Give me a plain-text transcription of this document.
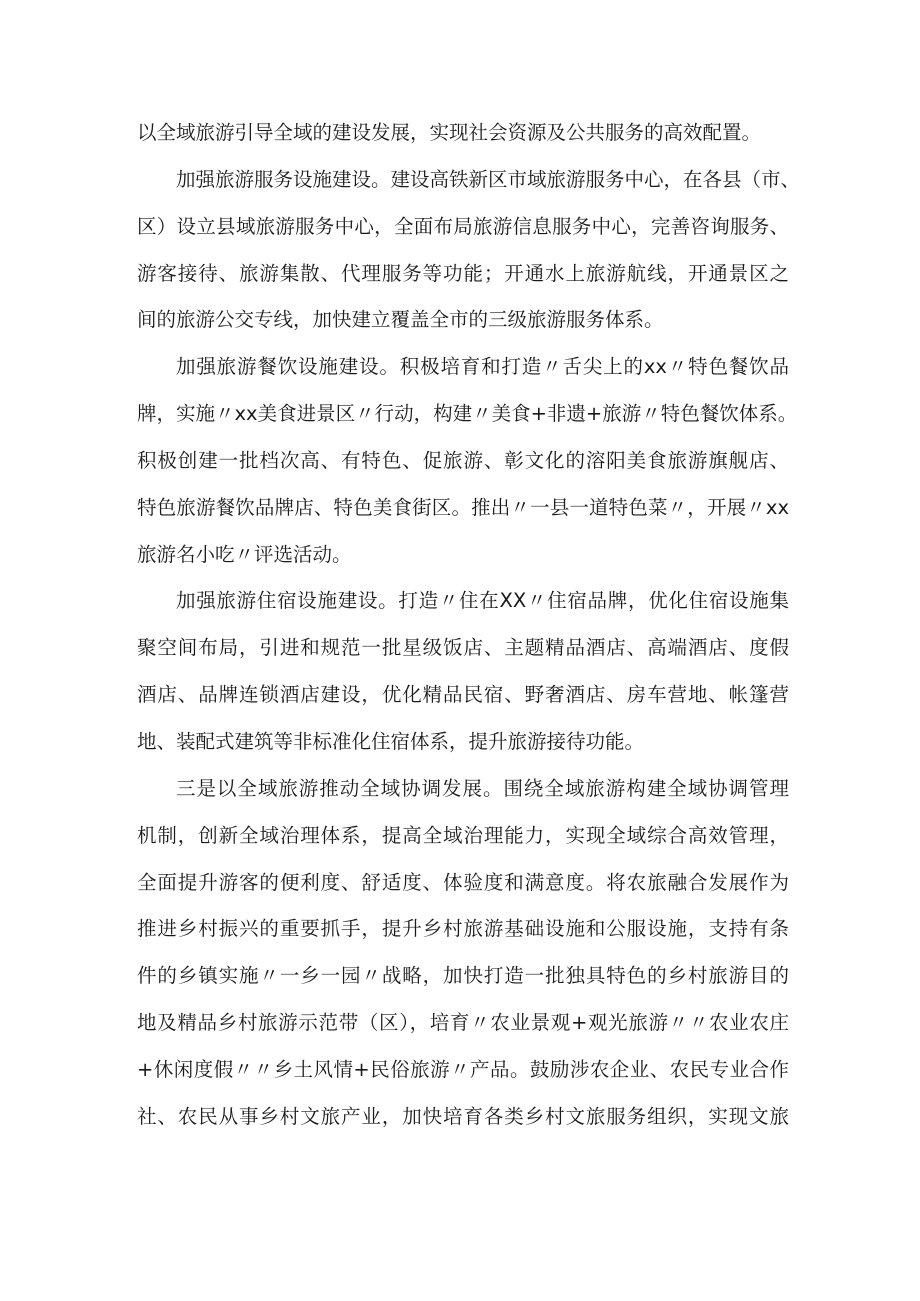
以全域旅游引导全域的建设发展，实现社会资源及公共服务的高效配置。
加强旅游服务设施建设。建设高铁新区市域旅游服务中心，在各县（市、
区）设立县域旅游服务中心，全面布局旅游信息服务中心，完善咨询服务、
游客接待、旅游集散、代理服务等功能；开通水上旅游航线，开通景区之
间的旅游公交专线，加快建立覆盖全市的三级旅游服务体系。
加强旅游餐饮设施建设。积极培育和打造〃舌尖上的xx〃特色餐饮品
牌，实施〃xx美食进景区〃行动，构建〃美食+非遗+旅游〃特色餐饮体系。
积极创建一批档次高、有特色、促旅游、彰文化的溶阳美食旅游旗舰店、
特色旅游餐饮品牌店、特色美食街区。推出〃一县一道特色菜〃，开展〃xx
旅游名小吃〃评选活动。
加强旅游住宿设施建设。打造〃住在XX〃住宿品牌，优化住宿设施集
聚空间布局，引进和规范一批星级饭店、主题精品酒店、高端酒店、度假
酒店、品牌连锁酒店建设，优化精品民宿、野奢酒店、房车营地、帐篷营
地、装配式建筑等非标准化住宿体系，提升旅游接待功能。
三是以全域旅游推动全域协调发展。围绕全域旅游构建全域协调管理
机制，创新全域治理体系，提高全域治理能力，实现全域综合高效管理，
全面提升游客的便利度、舒适度、体验度和满意度。将农旅融合发展作为
推进乡村振兴的重要抓手，提升乡村旅游基础设施和公服设施，支持有条
件的乡镇实施〃一乡一园〃战略，加快打造一批独具特色的乡村旅游目的
地及精品乡村旅游示范带（区），培育〃农业景观+观光旅游〃〃农业农庄
+休闲度假〃〃乡土风情+民俗旅游〃产品。鼓励涉农企业、农民专业合作
社、农民从事乡村文旅产业，加快培育各类乡村文旅服务组织，实现文旅
